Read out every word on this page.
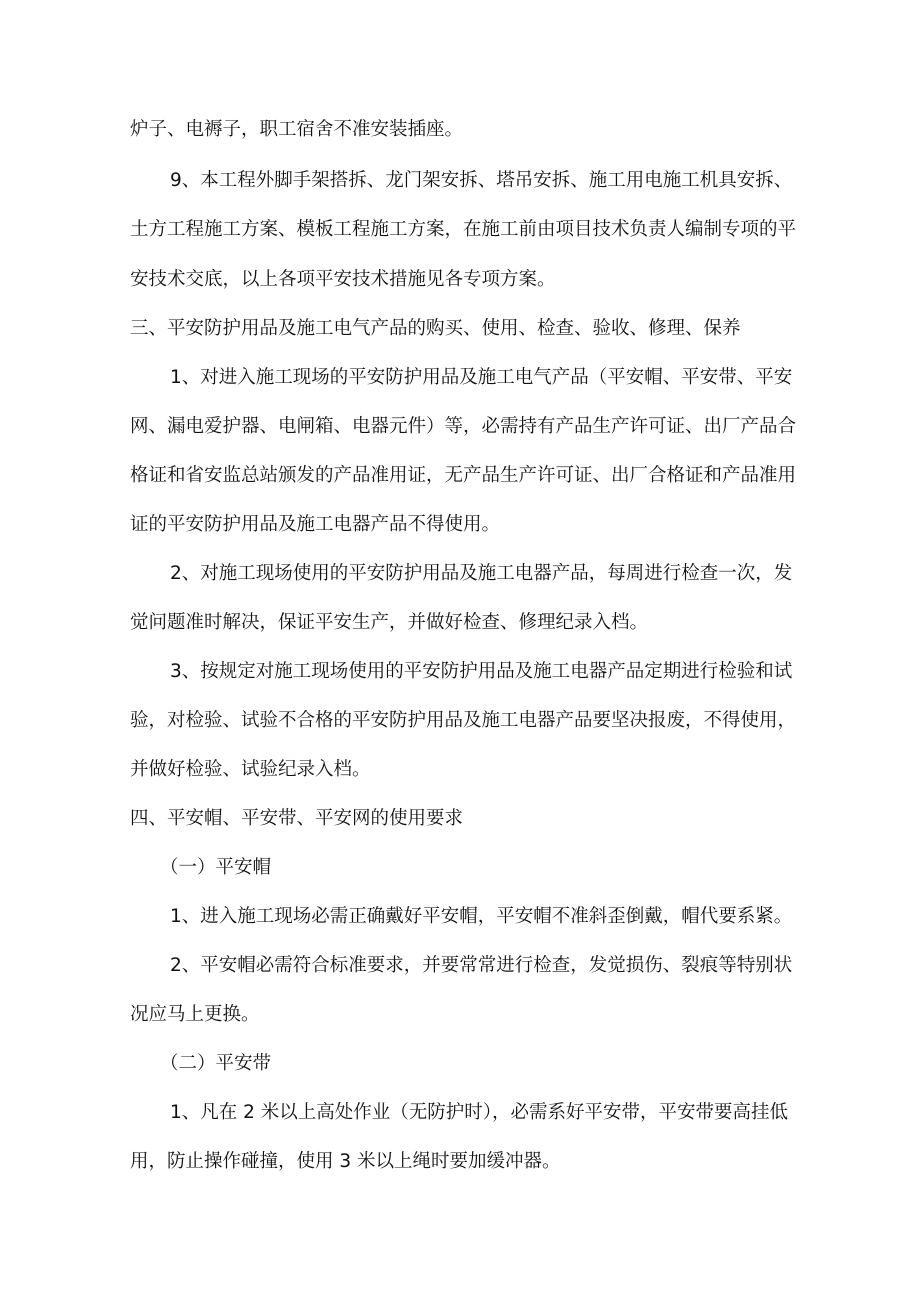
炉子、电褥子，职工宿舍不准安装插座。
9、本工程外脚手架搭拆、龙门架安拆、塔吊安拆、施工用电施工机具安拆、
土方工程施工方案、模板工程施工方案，在施工前由项目技术负责人编制专项的平
安技术交底，以上各项平安技术措施见各专项方案。
三、平安防护用品及施工电气产品的购买、使用、检查、验收、修理、保养
1、对进入施工现场的平安防护用品及施工电气产品（平安帽、平安带、平安
网、漏电爱护器、电闸箱、电器元件）等，必需持有产品生产许可证、出厂产品合
格证和省安监总站颁发的产品准用证，无产品生产许可证、出厂合格证和产品准用
证的平安防护用品及施工电器产品不得使用。
2、对施工现场使用的平安防护用品及施工电器产品，每周进行检查一次，发
觉问题准时解决，保证平安生产，并做好检查、修理纪录入档。
3、按规定对施工现场使用的平安防护用品及施工电器产品定期进行检验和试
验，对检验、试验不合格的平安防护用品及施工电器产品要坚决报废，不得使用，
并做好检验、试验纪录入档。
四、平安帽、平安带、平安网的使用要求
（一）平安帽
1、进入施工现场必需正确戴好平安帽，平安帽不准斜歪倒戴，帽代要系紧。
2、平安帽必需符合标准要求，并要常常进行检查，发觉损伤、裂痕等特别状
况应马上更换。
（二）平安带
1、凡在 2 米以上高处作业（无防护时），必需系好平安带，平安带要高挂低
用，防止操作碰撞，使用 3 米以上绳时要加缓冲器。
